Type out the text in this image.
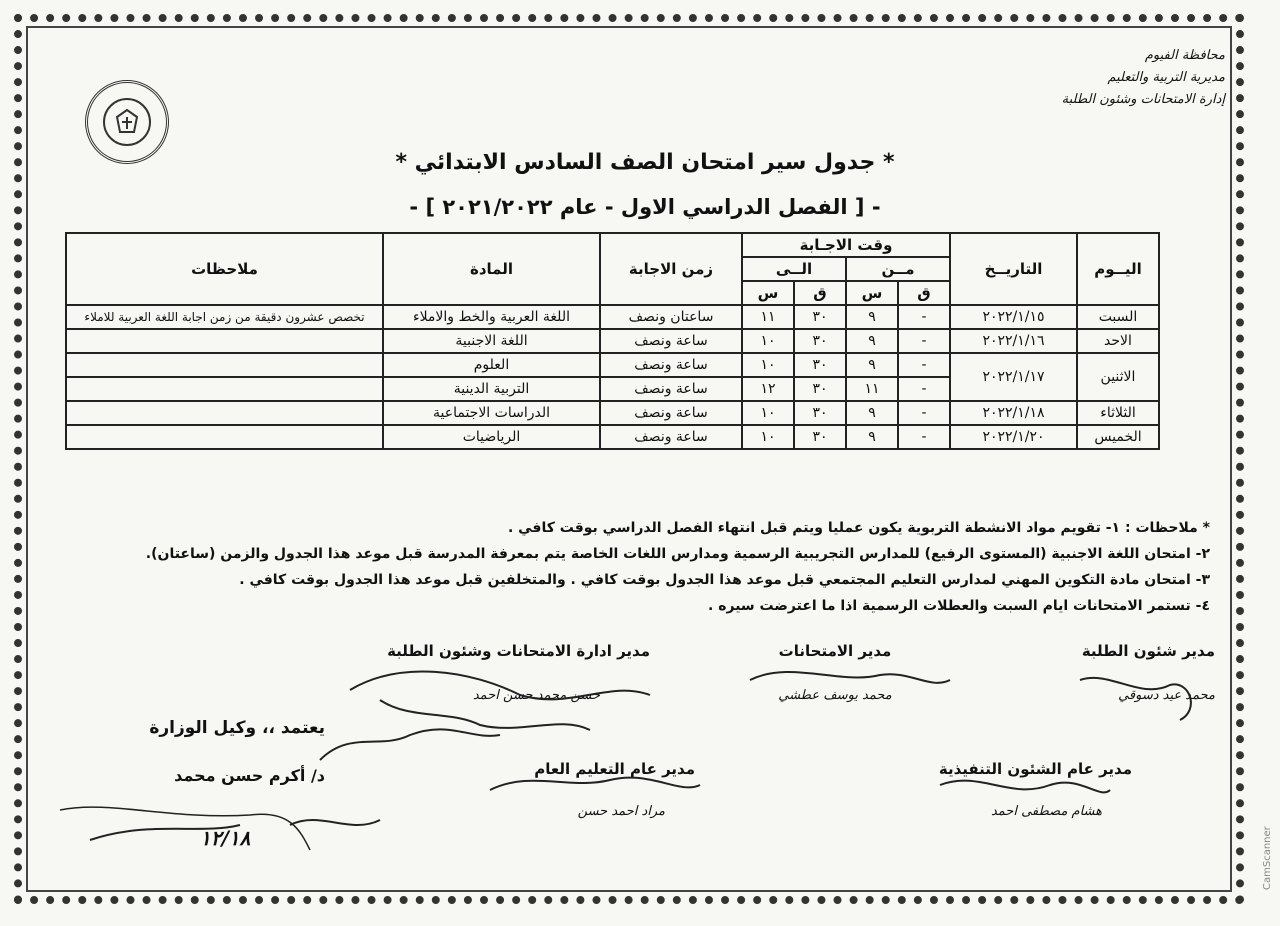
محافظة الفيوم
مديرية التربية والتعليم
إدارة الامتحانات وشئون الطلبة
* جدول سير امتحان الصف السادس الابتدائي *
- [ الفصل الدراسي الاول - عام ٢٠٢١/٢٠٢٢ ] -
اليــوم	التاريــخ	وقت الاجـابة				زمن الاجابة	المادة	ملاحظات
		مــن		الــى				
		ق	س	ق	س			
السبت	٢٠٢٢/١/١٥	-	٩	٣٠	١١	ساعتان ونصف	اللغة العربية والخط والاملاء	تخصص عشرون دقيقة من زمن اجابة اللغة العربية للاملاء
الاحد	٢٠٢٢/١/١٦	-	٩	٣٠	١٠	ساعة ونصف	اللغة الاجنبية	
الاثنين	٢٠٢٢/١/١٧	-	٩	٣٠	١٠	ساعة ونصف	العلوم	
		-	١١	٣٠	١٢	ساعة ونصف	التربية الدينية	
الثلاثاء	٢٠٢٢/١/١٨	-	٩	٣٠	١٠	ساعة ونصف	الدراسات الاجتماعية	
الخميس	٢٠٢٢/١/٢٠	-	٩	٣٠	١٠	ساعة ونصف	الرياضيات	
* ملاحظات : ١- تقويم مواد الانشطة التربوية يكون عمليا ويتم قبل انتهاء الفصل الدراسي بوقت كافي .
٢- امتحان اللغة الاجنبية (المستوى الرفيع) للمدارس التجريبية الرسمية ومدارس اللغات الخاصة يتم بمعرفة المدرسة قبل موعد هذا الجدول والزمن (ساعتان).
٣- امتحان مادة التكوين المهني لمدارس التعليم المجتمعي قبل موعد هذا الجدول بوقت كافي . والمتخلفين قبل موعد هذا الجدول بوقت كافي .
٤- تستمر الامتحانات ايام السبت والعطلات الرسمية اذا ما اعترضت سيره .
مدير شئون الطلبة
محمد عيد دسوقي
مدير الامتحانات
محمد يوسف عطشي
مدير ادارة الامتحانات وشئون الطلبة
حسن محمد حسن احمد
مدير عام الشئون التنفيذية
هشام مصطفى احمد
مدير عام التعليم العام
مراد احمد حسن
يعتمد ،، وكيل الوزارة
د/ أكرم حسن محمد
١٢/١٨	CamScanner
